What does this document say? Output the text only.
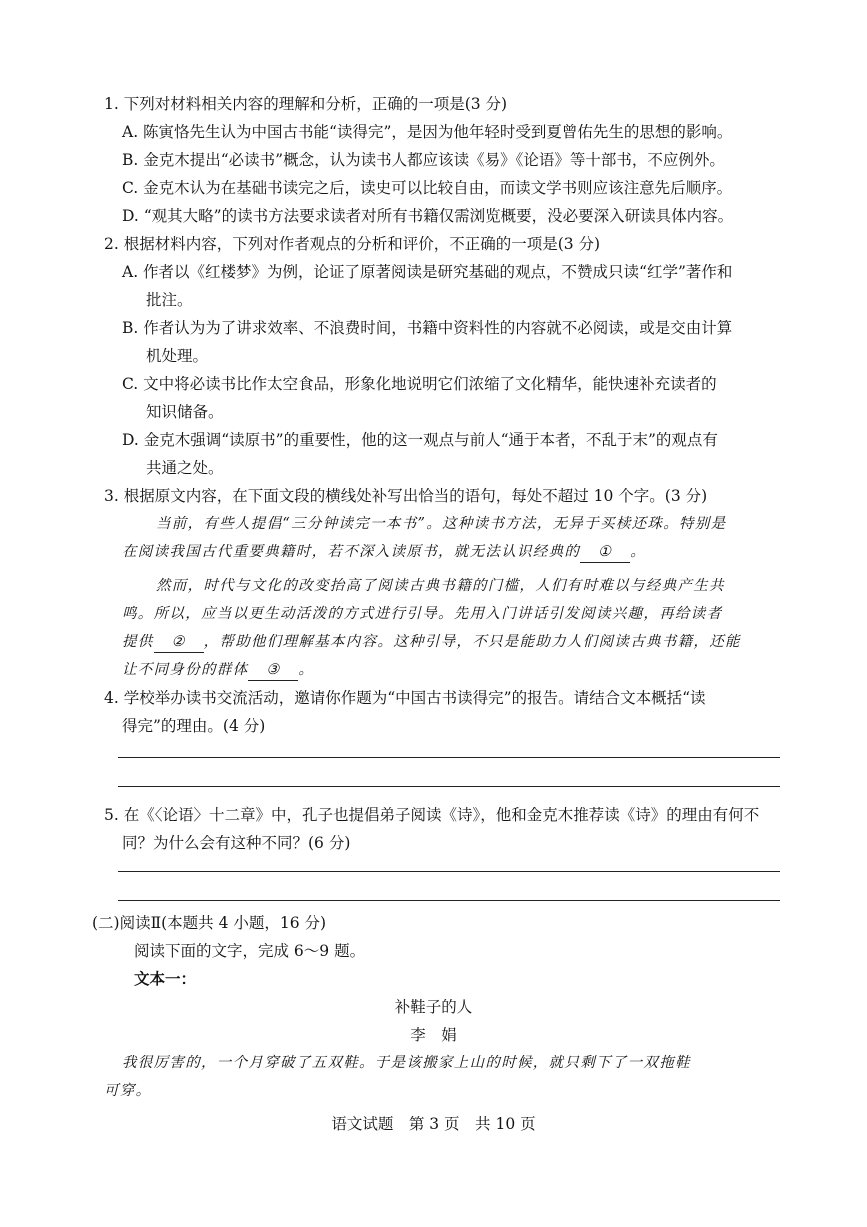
1. 下列对材料相关内容的理解和分析，正确的一项是(3 分)
A. 陈寅恪先生认为中国古书能“读得完”，是因为他年轻时受到夏曾佑先生的思想的影响。
B. 金克木提出“必读书”概念，认为读书人都应该读《易》《论语》等十部书，不应例外。
C. 金克木认为在基础书读完之后，读史可以比较自由，而读文学书则应该注意先后顺序。
D. “观其大略”的读书方法要求读者对所有书籍仅需浏览概要，没必要深入研读具体内容。
2. 根据材料内容，下列对作者观点的分析和评价，不正确的一项是(3 分)
A. 作者以《红楼梦》为例，论证了原著阅读是研究基础的观点，不赞成只读“红学”著作和
批注。
B. 作者认为为了讲求效率、不浪费时间，书籍中资料性的内容就不必阅读，或是交由计算
机处理。
C. 文中将必读书比作太空食品，形象化地说明它们浓缩了文化精华，能快速补充读者的
知识储备。
D. 金克木强调“读原书”的重要性，他的这一观点与前人“通于本者，不乱于末”的观点有
共通之处。
3. 根据原文内容，在下面文段的横线处补写出恰当的语句，每处不超过 10 个字。(3 分)
当前，有些人提倡“三分钟读完一本书”。这种读书方法，无异于买椟还珠。特别是
在阅读我国古代重要典籍时，若不深入读原书，就无法认识经典的 ① 。
然而，时代与文化的改变抬高了阅读古典书籍的门槛，人们有时难以与经典产生共
鸣。所以，应当以更生动活泼的方式进行引导。先用入门讲话引发阅读兴趣，再给读者
提供 ② ，帮助他们理解基本内容。这种引导，不只是能助力人们阅读古典书籍，还能
让不同身份的群体 ③ 。
4. 学校举办读书交流活动，邀请你作题为“中国古书读得完”的报告。请结合文本概括“读
得完”的理由。(4 分)
5. 在《〈论语〉十二章》中，孔子也提倡弟子阅读《诗》，他和金克木推荐读《诗》的理由有何不
同？为什么会有这种不同？(6 分)
(二)阅读Ⅱ(本题共 4 小题，16 分)
阅读下面的文字，完成 6～9 题。
文本一：
补鞋子的人
李　娟
我很厉害的，一个月穿破了五双鞋。于是该搬家上山的时候，就只剩下了一双拖鞋
可穿。
语文试题　第 3 页　共 10 页
